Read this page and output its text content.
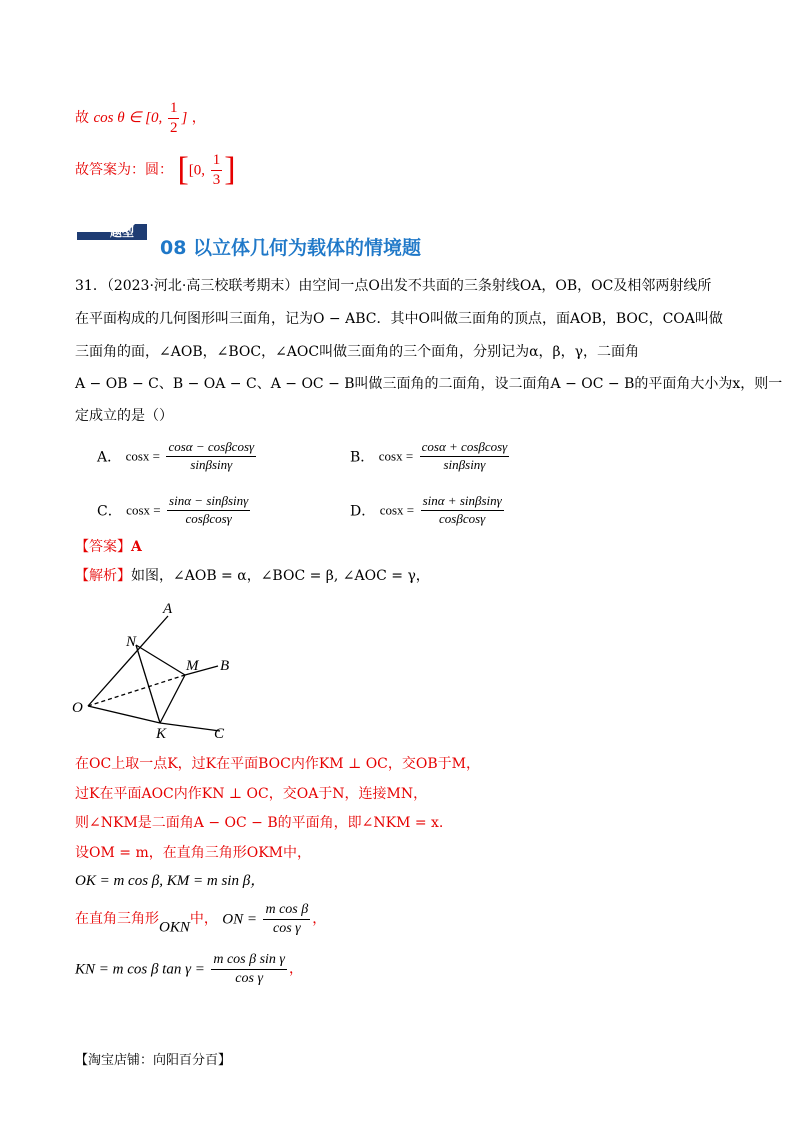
故 cos θ ∈ [0, $\frac{1}{2}$ ] ，
故答案为：圆： [[0, $\frac{1}{3}$ ]
题型
08 以立体几何为载体的情境题
31．（2023·河北·高三校联考期末）由空间一点O出发不共面的三条射线OA，OB，OC及相邻两射线所
在平面构成的几何图形叫三面角，记为O − ABC．其中O叫做三面角的顶点，面AOB，BOC，COA叫做
三面角的面，∠AOB，∠BOC，∠AOC叫做三面角的三个面角，分别记为α，β，γ，二面角
A − OB − C、B − OA − C、A − OC − B叫做三面角的二面角，设二面角A − OC − B的平面角大小为x，则一
定成立的是（）
A． $\cos x = \frac{\cos\alpha - \cos\beta\cos\gamma}{\sin\beta\sin\gamma}$	B． $\cos x = \frac{\cos\alpha + \cos\beta\cos\gamma}{\sin\beta\sin\gamma}$
C． $\cos x = \frac{\sin\alpha - \sin\beta\sin\gamma}{\cos\beta\cos\gamma}$	D． $\cos x = \frac{\sin\alpha + \sin\beta\sin\gamma}{\cos\beta\cos\gamma}$
【答案】A
【解析】如图，∠AOB = α，∠BOC = β, ∠AOC = γ，
A
B
C
O
N
M
K
在OC上取一点K，过K在平面BOC内作KM ⊥ OC，交OB于M，
过K在平面AOC内作KN ⊥ OC，交OA于N，连接MN，
则∠NKM是二面角A − OC − B的平面角，即∠NKM = x.
设OM = m，在直角三角形OKM中，
OK = m cos β, KM = m sin β，
在直角三角形OKN中， ON = $\frac{\text{m cos β}}{\text{cos γ}}$ ，
KN = m cos β $\tan \gamma = \frac{\text{m cos β sin γ}}{\text{cos γ}}$ ，
【淘宝店铺：向阳百分百】
